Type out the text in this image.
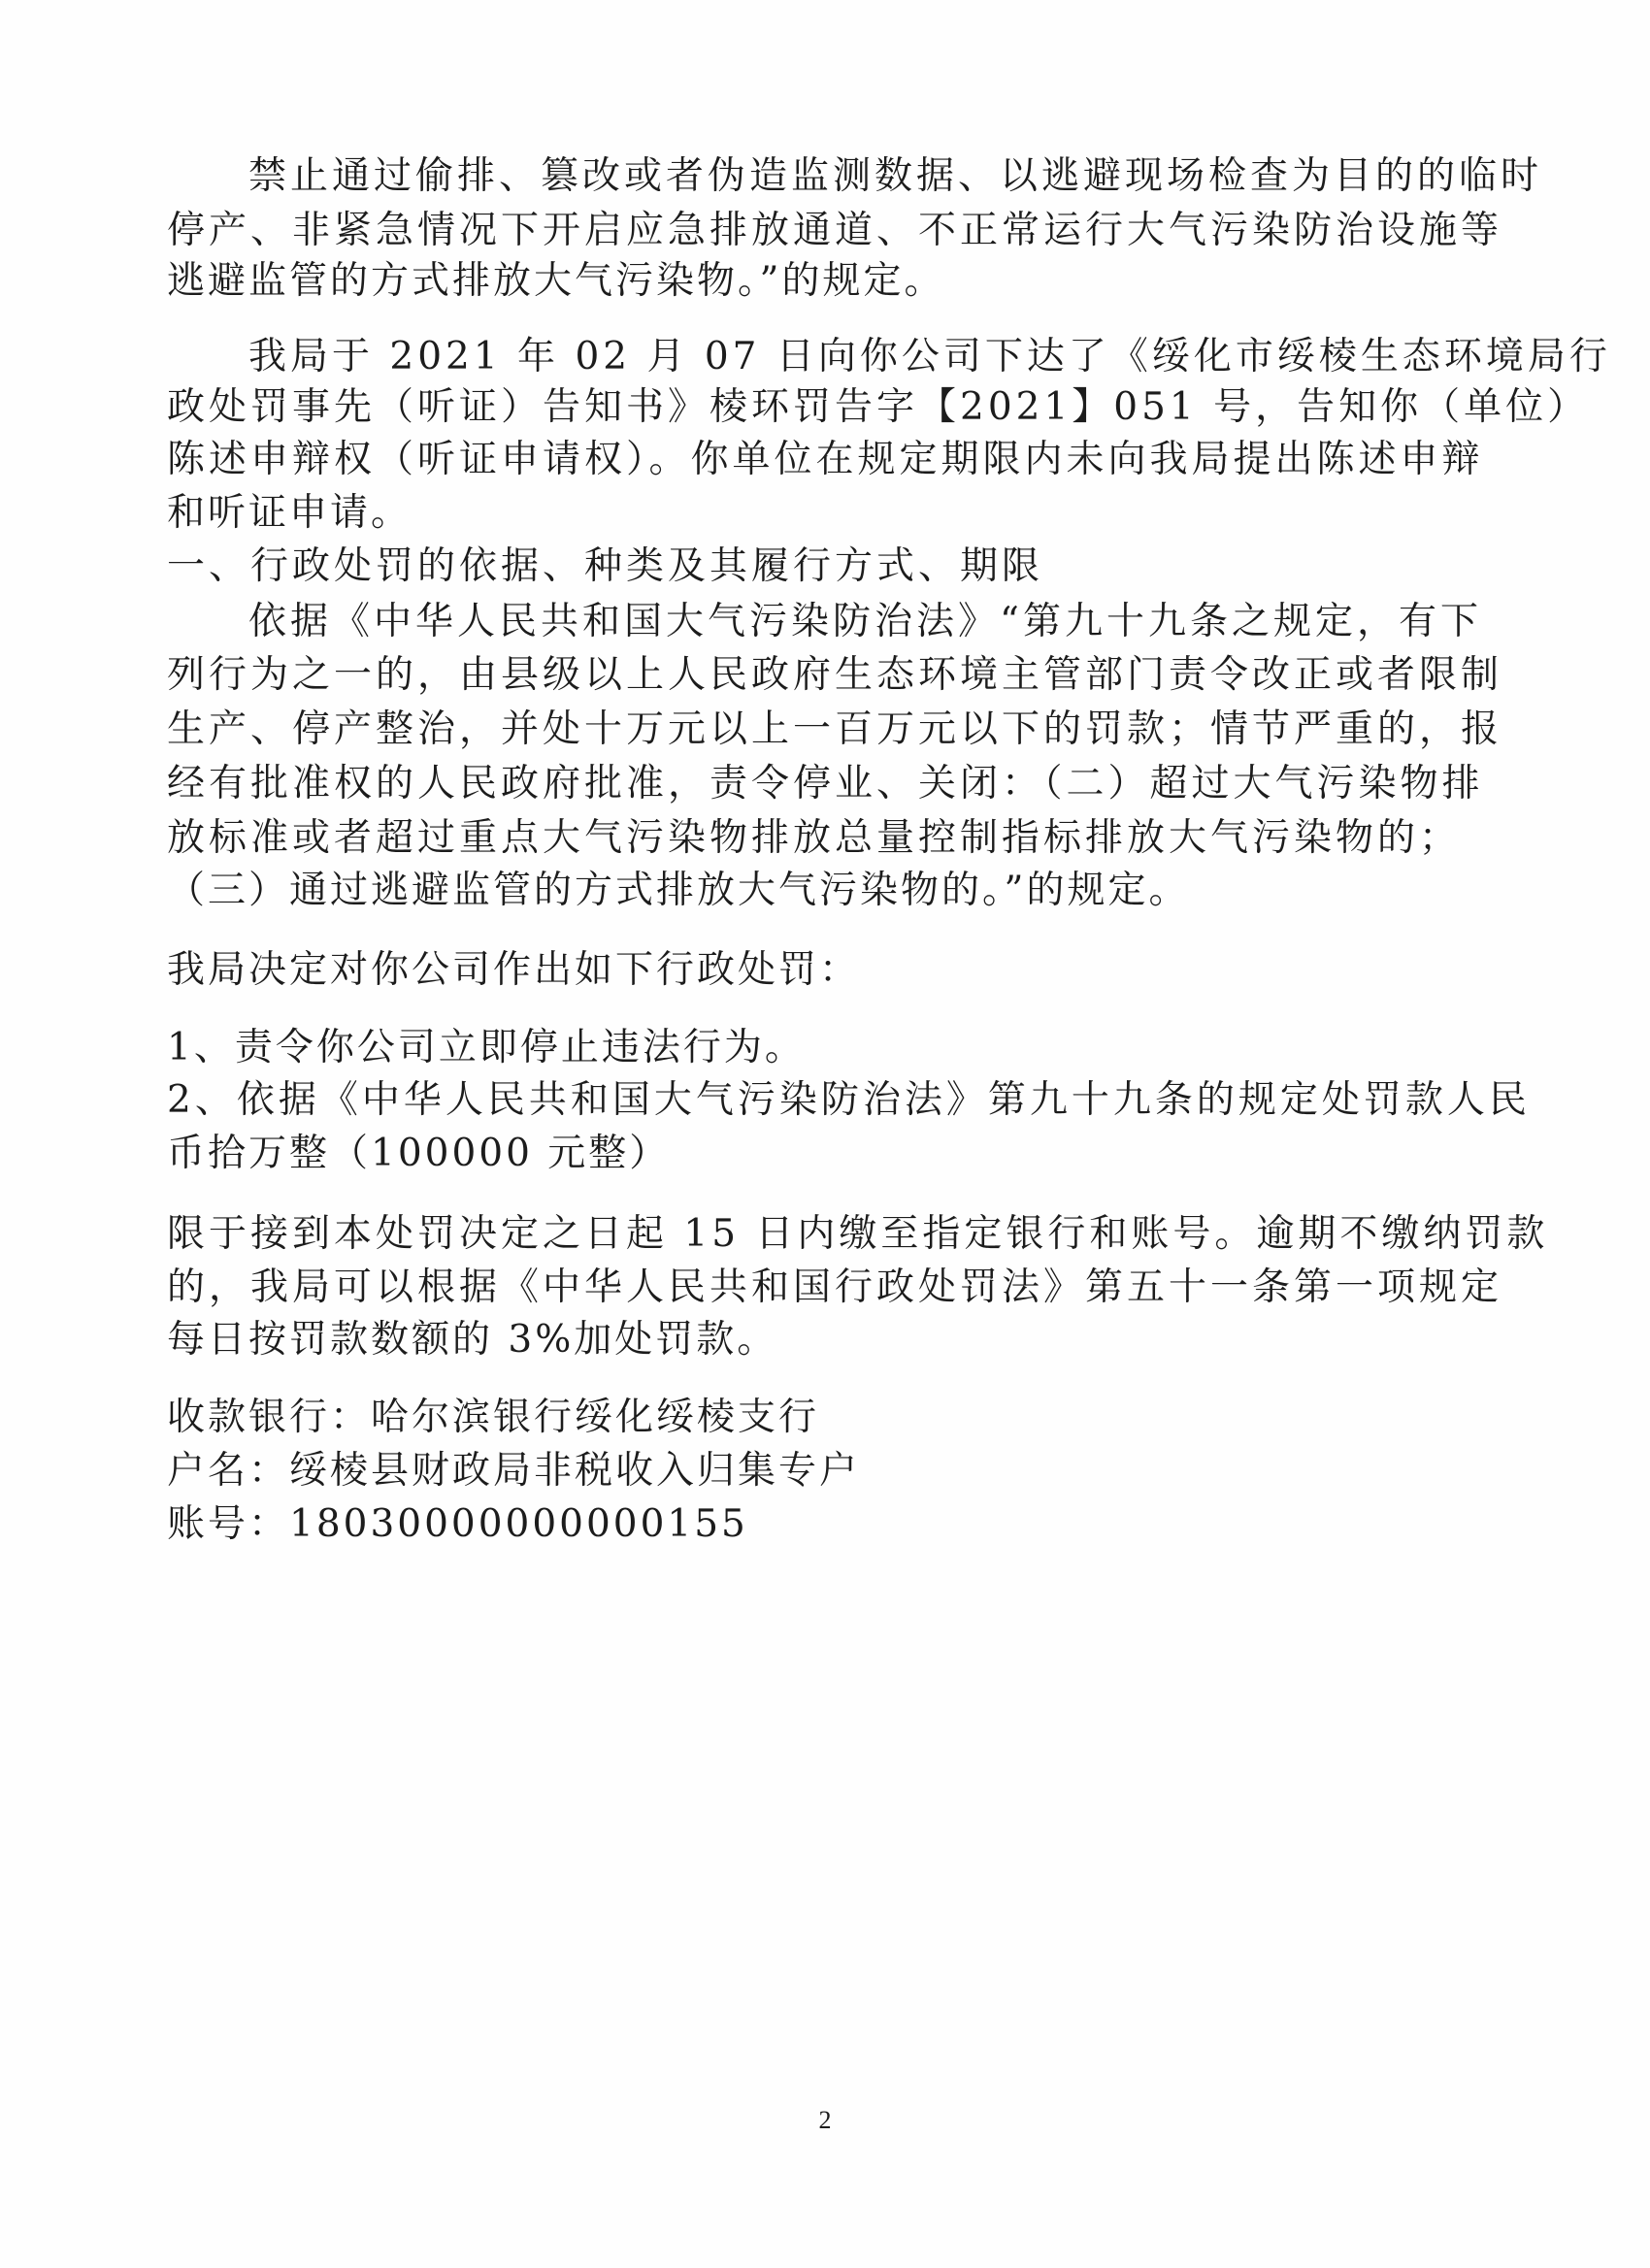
禁止通过偷排、篡改或者伪造监测数据、以逃避现场检查为目的的临时

停产、非紧急情况下开启应急排放通道、不正常运行大气污染防治设施等

逃避监管的方式排放大气污染物。”的规定。

我局于 2021 年 02 月 07 日向你公司下达了《绥化市绥棱生态环境局行

政处罚事先（听证）告知书》棱环罚告字【2021】051 号，告知你（单位）

陈述申辩权（听证申请权）。你单位在规定期限内未向我局提出陈述申辩

和听证申请。

一、行政处罚的依据、种类及其履行方式、期限

依据《中华人民共和国大气污染防治法》“第九十九条之规定，有下

列行为之一的，由县级以上人民政府生态环境主管部门责令改正或者限制

生产、停产整治，并处十万元以上一百万元以下的罚款；情节严重的，报

经有批准权的人民政府批准，责令停业、关闭：（二）超过大气污染物排

放标准或者超过重点大气污染物排放总量控制指标排放大气污染物的；

（三）通过逃避监管的方式排放大气污染物的。”的规定。

我局决定对你公司作出如下行政处罚：

1、责令你公司立即停止违法行为。

2、依据《中华人民共和国大气污染防治法》第九十九条的规定处罚款人民

币拾万整（100000 元整）

限于接到本处罚决定之日起 15 日内缴至指定银行和账号。逾期不缴纳罚款

的，我局可以根据《中华人民共和国行政处罚法》第五十一条第一项规定

每日按罚款数额的 3%加处罚款。

收款银行：哈尔滨银行绥化绥棱支行

户名：绥棱县财政局非税收入归集专户

账号：18030000000000155

2
